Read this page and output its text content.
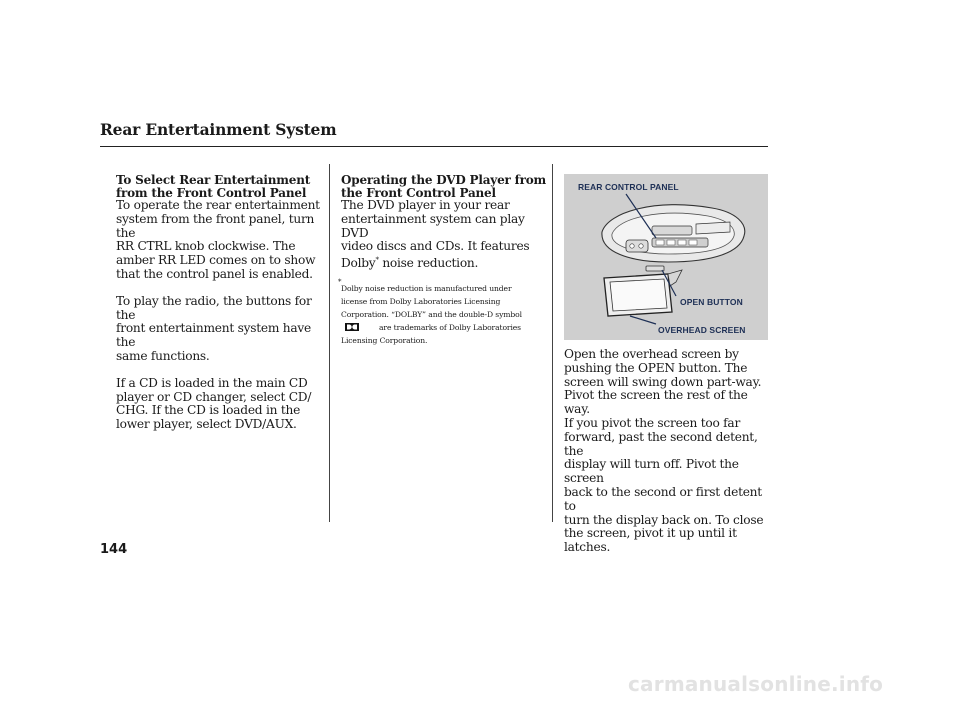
Rear Entertainment System
To Select Rear Entertainment
from the Front Control Panel

To operate the rear entertainment
system from the front panel, turn the
RR CTRL knob clockwise. The
amber RR LED comes on to show
that the control panel is enabled.

To play the radio, the buttons for the
front entertainment system have the
same functions.

If a CD is loaded in the main CD
player or CD changer, select CD/
CHG. If the CD is loaded in the
lower player, select DVD/AUX.

Operating the DVD Player from
the Front Control Panel

The DVD player in your rear
entertainment system can play DVD
video discs and CDs. It features
Dolby* noise reduction.

*

Dolby noise reduction is manufactured under
license from Dolby Laboratories Licensing
Corporation. “DOLBY” and the double-D symbol

are trademarks of Dolby Laboratories
Licensing Corporation.

REAR CONTROL PANEL
OPEN BUTTON
OVERHEAD SCREEN

Open the overhead screen by
pushing the OPEN button. The
screen will swing down part-way.
Pivot the screen the rest of the way.
If you pivot the screen too far
forward, past the second detent, the
display will turn off. Pivot the screen
back to the second or first detent to
turn the display back on. To close
the screen, pivot it up until it latches.

144

carmanualsonline.info
